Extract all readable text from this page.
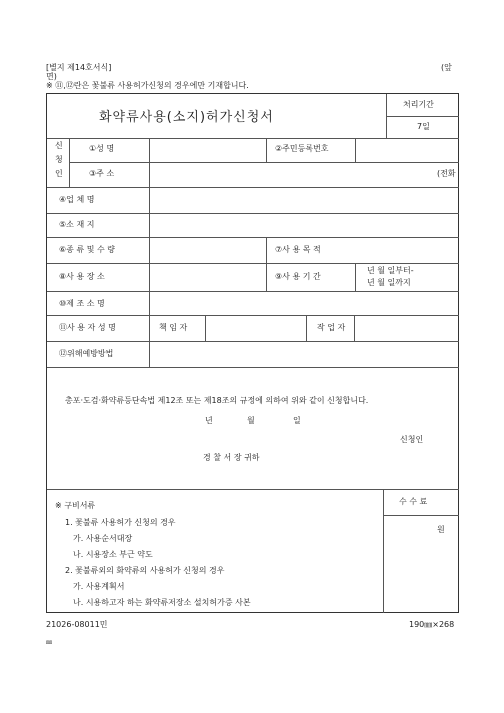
[별지 제14호서식]	(앞
면)
※ ⑪,⑫란은 꽃불류 사용허가신청의 경우에만 기재합니다.
화약류사용(소지)허가신청서
처리기간
7일
신
청
인
①성 명	②주민등록번호
③주 소	(전화
④업 체 명
⑤소 재 지
⑥종 류 및 수 량	⑦사 용 목 적
⑧사 용 장 소	⑨사 용 기 간
년 월 일부터-
년 월 일까지
⑩제 조 소 명
⑪사 용 자 성 명	책 임 자	작 업 자
⑫위해예방방법
총포·도검·화약류등단속법 제12조 또는 제18조의 규정에 의하여 위와 같이 신청합니다.
년	월	일
신청인
경 찰 서 장 귀하
※ 구비서류
1. 꽃불류 사용허가 신청의 경우
가. 사용순서대장
나. 시용장소 부근 약도
2. 꽃불류외의 화약류의 사용허가 신청의 경우
가. 사용계획서
나. 시용하고자 하는 화약류저장소 설치허가증 사본
수 수 료
원
21026-08011민	190㎜×268
㎜
